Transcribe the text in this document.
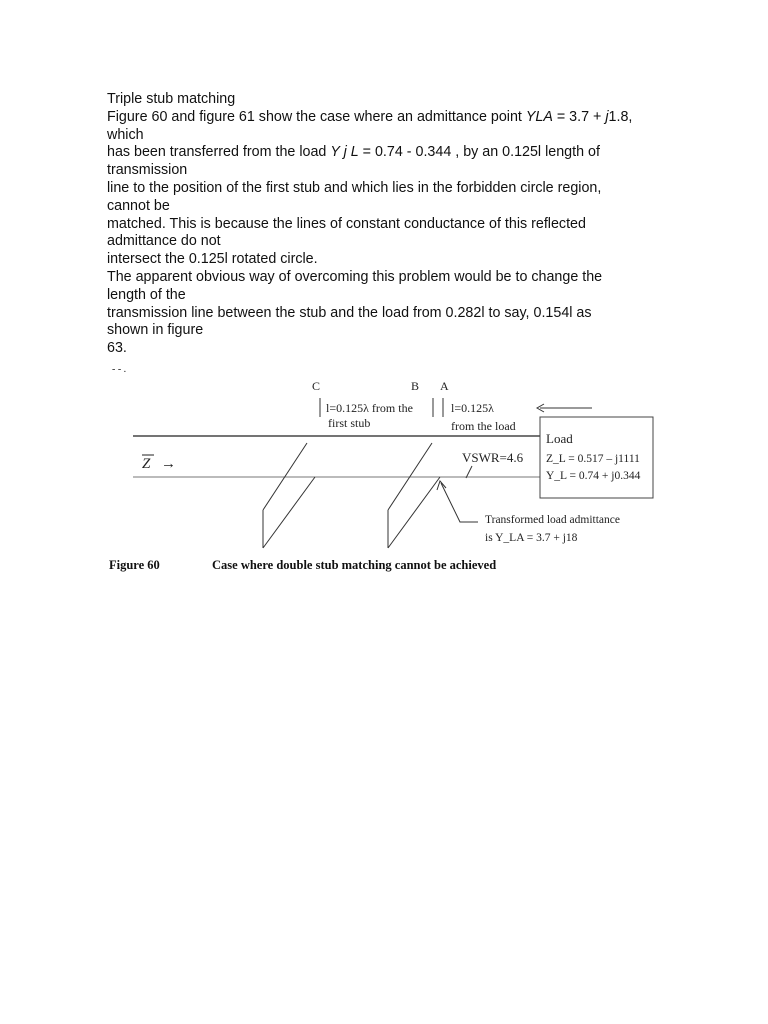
Triple stub matching
Figure 60 and figure 61 show the case where an admittance point YLA = 3.7 + j1.8,
which
has been transferred from the load Y j L = 0.74 - 0.344 , by an 0.125l length of
transmission
line to the position of the first stub and which lies in the forbidden circle region,
cannot be
matched. This is because the lines of constant conductance of this reflected
admittance do not
intersect the 0.125l rotated circle.
The apparent obvious way of overcoming this problem would be to change the
length of the
transmission line between the stub and the load from 0.282l to say, 0.154l as
shown in figure
63.
- - .
C	B A
l=0.125λ from the
first stub
l=0.125λ
from the load
Z →	VSWR=4.6
Load
Z_L = 0.517 – j1111
Y_L = 0.74 + j0.344
Transformed load admittance
is Y_LA = 3.7 + j18
Figure 60	Case where double stub matching cannot be achieved
